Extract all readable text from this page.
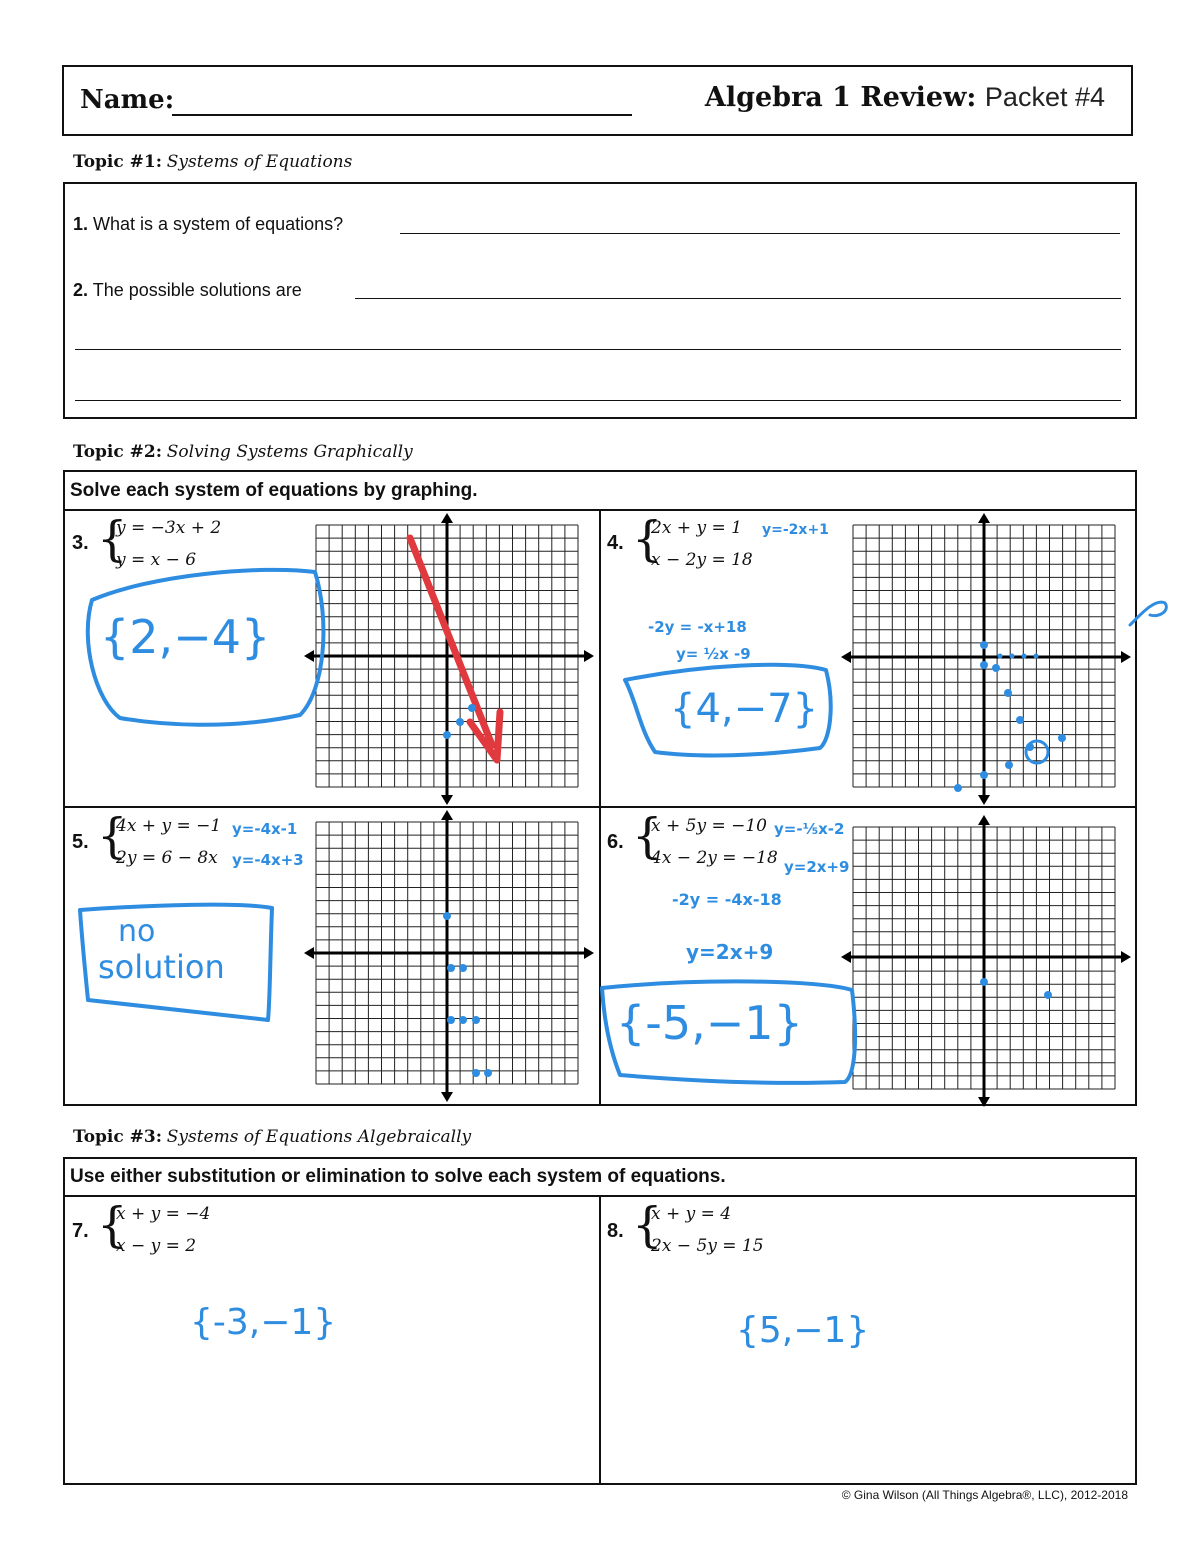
Name:	Algebra 1 Review: Packet #4
Topic #1: Systems of Equations
1. What is a system of equations?
2. The possible solutions are
Topic #2: Solving Systems Graphically
Solve each system of equations by graphing.
3. {
y = −3x + 2
y = x − 6
{2,−4}
4. {
2x + y = 1
x − 2y = 18
y=-2x+1
-2y = -x+18
y= ½x -9
{4,−7}
5. {
4x + y = −1
2y = 6 − 8x
y=-4x-1
y=-4x+3
no
solution
6. {
x + 5y = −10
4x − 2y = −18
y=-⅕x-2
y=2x+9
-2y = -4x-18
y=2x+9
{-5,−1}
Topic #3: Systems of Equations Algebraically
Use either substitution or elimination to solve each system of equations.
7. {
x + y = −4
x − y = 2
{-3,−1}
8. {
x + y = 4
2x − 5y = 15
{5,−1}
© Gina Wilson (All Things Algebra®, LLC), 2012-2018
